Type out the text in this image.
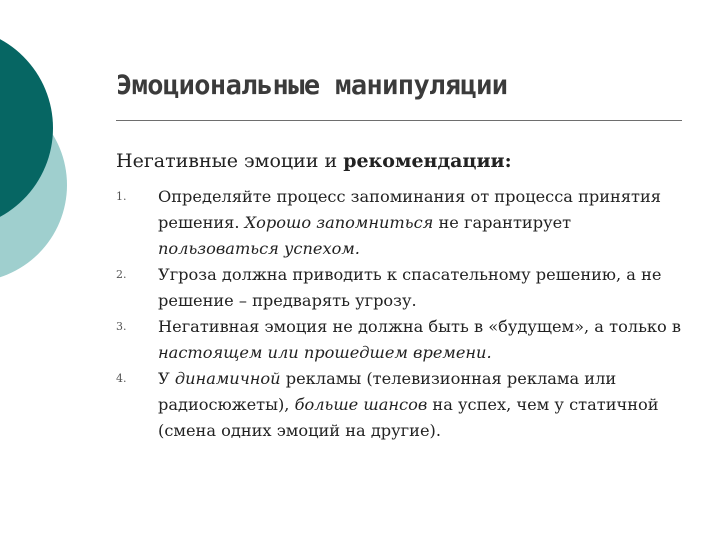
Эмоциональные манипуляции
Негативные эмоции и рекомендации:
1. Определяйте процесс запоминания от процесса принятия решения. Хорошо запомниться не гарантирует пользоваться успехом.
2. Угроза должна приводить к спасательному решению, а не решение – предварять угрозу.
3. Негативная эмоция не должна быть в «будущем», а только в настоящем или прошедшем времени.
4. У динамичной рекламы (телевизионная реклама или радиосюжеты), больше шансов на успех, чем у статичной (смена одних эмоций на другие).
